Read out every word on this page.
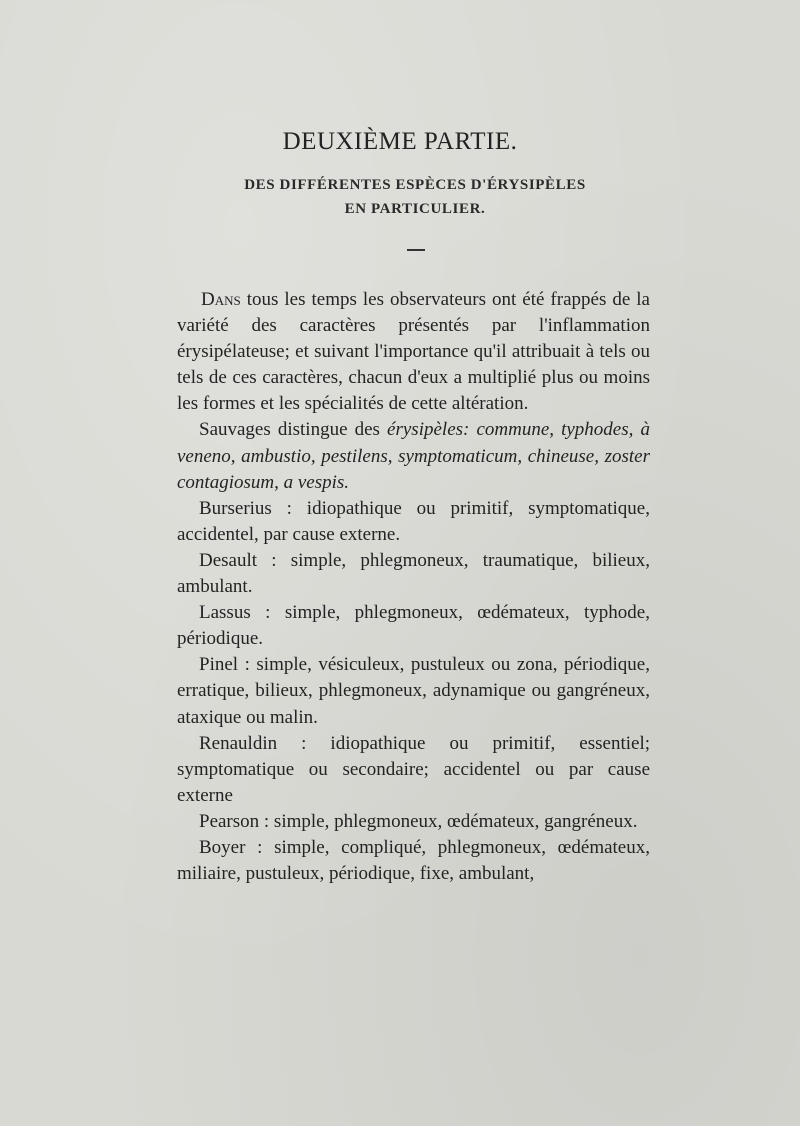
DEUXIÈME PARTIE.
DES DIFFÉRENTES ESPÈCES D'ÉRYSIPÈLES
EN PARTICULIER.

Dans tous les temps les observateurs ont été frappés de la variété des caractères présentés par l'inflammation érysipélateuse; et suivant l'importance qu'il attribuait à tels ou tels de ces caractères, chacun d'eux a multiplié plus ou moins les formes et les spécialités de cette altération.

Sauvages distingue des érysipèles: commune, typhodes, à veneno, ambustio, pestilens, symptomaticum, chineuse, zoster contagiosum, a vespis.

Burserius : idiopathique ou primitif, symptomatique, accidentel, par cause externe.

Desault : simple, phlegmoneux, traumatique, bilieux, ambulant.

Lassus : simple, phlegmoneux, œdémateux, typhode, périodique.

Pinel : simple, vésiculeux, pustuleux ou zona, périodique, erratique, bilieux, phlegmoneux, adynamique ou gangréneux, ataxique ou malin.

Renauldin : idiopathique ou primitif, essentiel; symptomatique ou secondaire; accidentel ou par cause externe

Pearson : simple, phlegmoneux, œdémateux, gangréneux.

Boyer : simple, compliqué, phlegmoneux, œdémateux, miliaire, pustuleux, périodique, fixe, ambulant,
